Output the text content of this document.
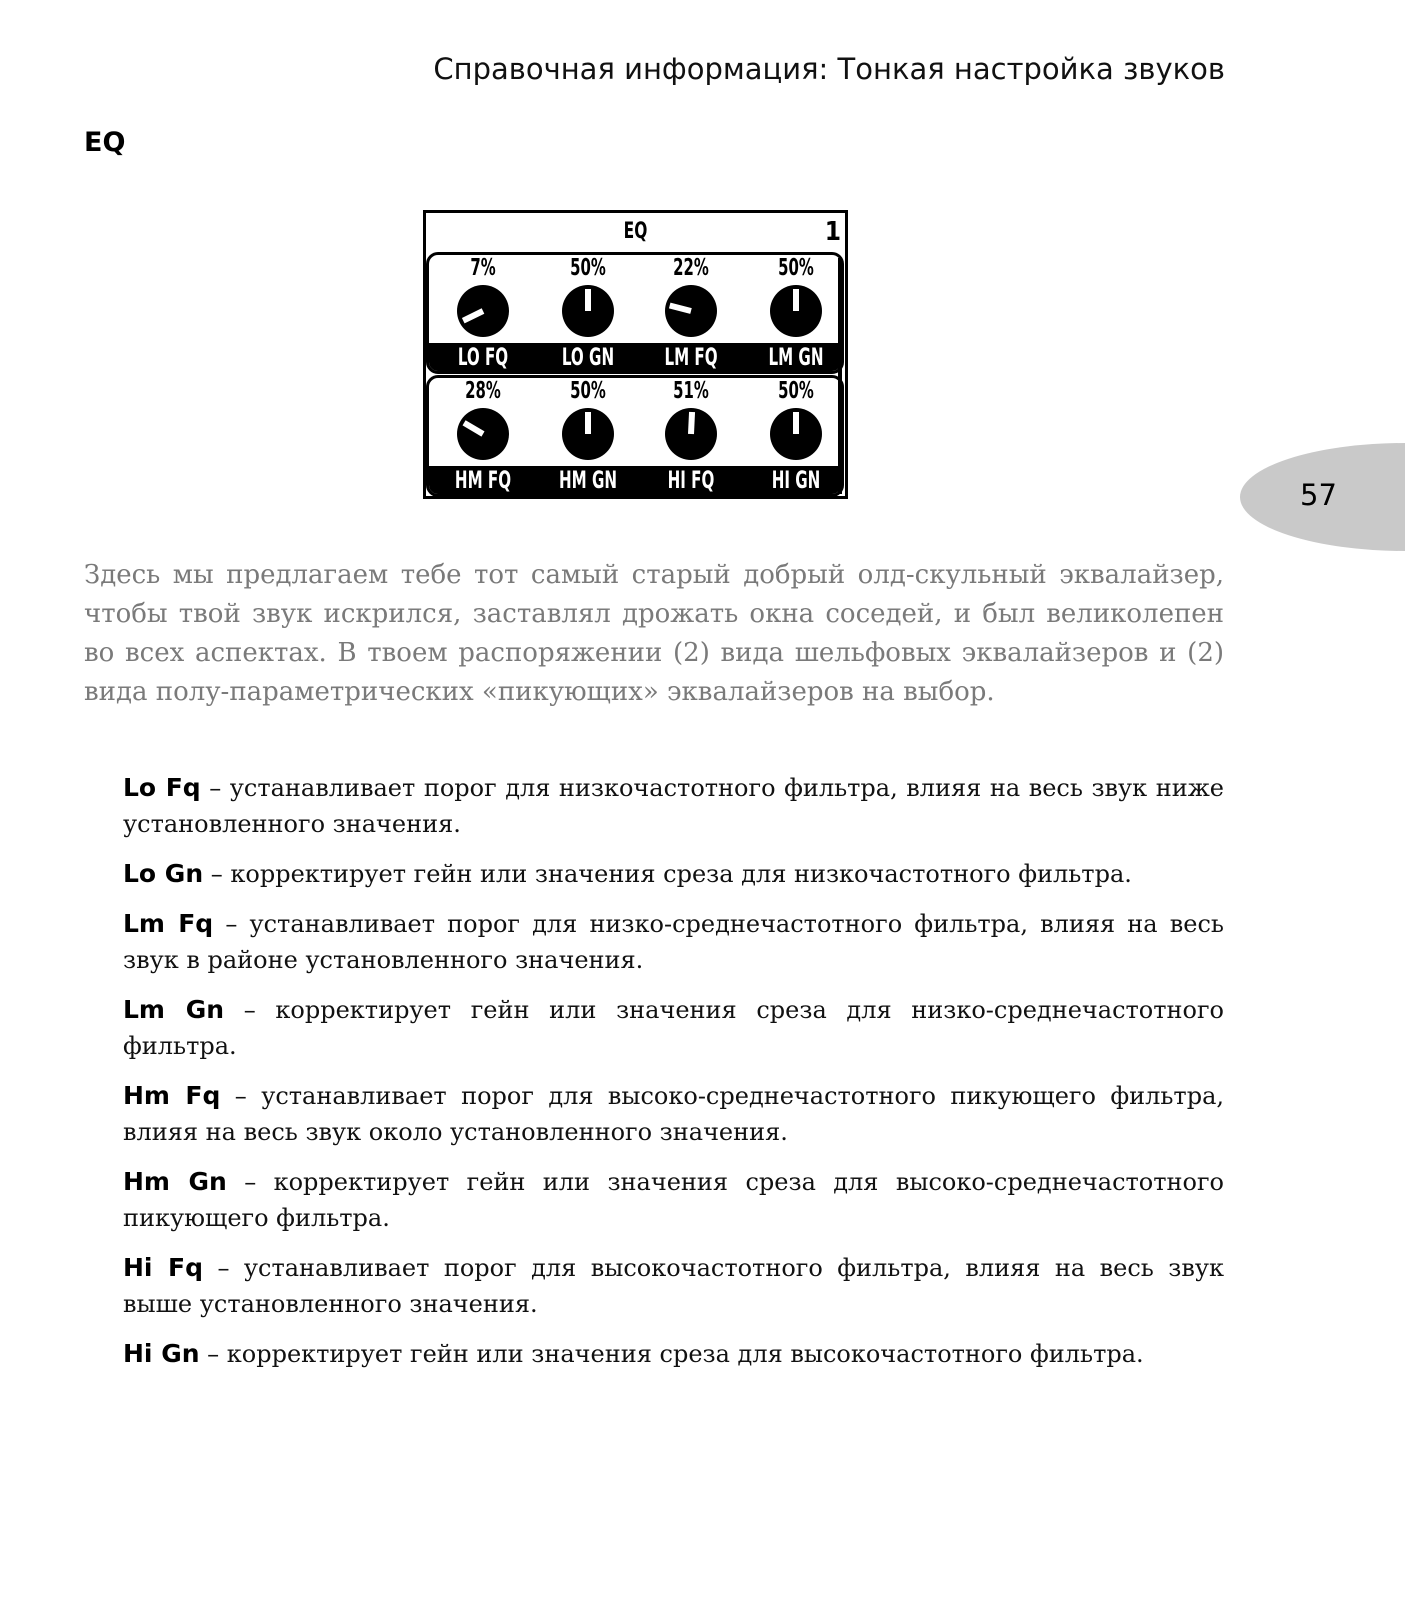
Справочная информация: Тонкая настройка звуков
EQ
EQ	1
LO FQ	LO GN	LM FQ	LM GN
7%	50%	22%	50%
HM FQ	HM GN	HI FQ	HI GN
28%	50%	51%	50%
57

Здесь мы предлагаем тебе тот самый старый добрый олд-скульный эквалайзер, чтобы твой звук искрился, заставлял дрожать окна соседей, и был великолепен во всех аспектах. В твоем распоряжении (2) вида шельфовых эквалайзеров и (2) вида полу-параметрических «пикующих» эквалайзеров на выбор.

Lo Fq – устанавливает порог для низкочастотного фильтра, влияя на весь звук ниже установленного значения.

Lo Gn – корректирует гейн или значения среза для низкочастотного фильтра.

Lm Fq – устанавливает порог для низко-среднечастотного фильтра, влияя на весь звук в районе установленного значения.

Lm Gn – корректирует гейн или значения среза для низко-среднечастотного фильтра.

Hm Fq – устанавливает порог для высоко-среднечастотного пикующего фильтра, влияя на весь звук около установленного значения.

Hm Gn – корректирует гейн или значения среза для высоко-среднечастотного пикующего фильтра.

Hi Fq – устанавливает порог для высокочастотного фильтра, влияя на весь звук выше установленного значения.

Hi Gn – корректирует гейн или значения среза для высокочастотного фильтра.
